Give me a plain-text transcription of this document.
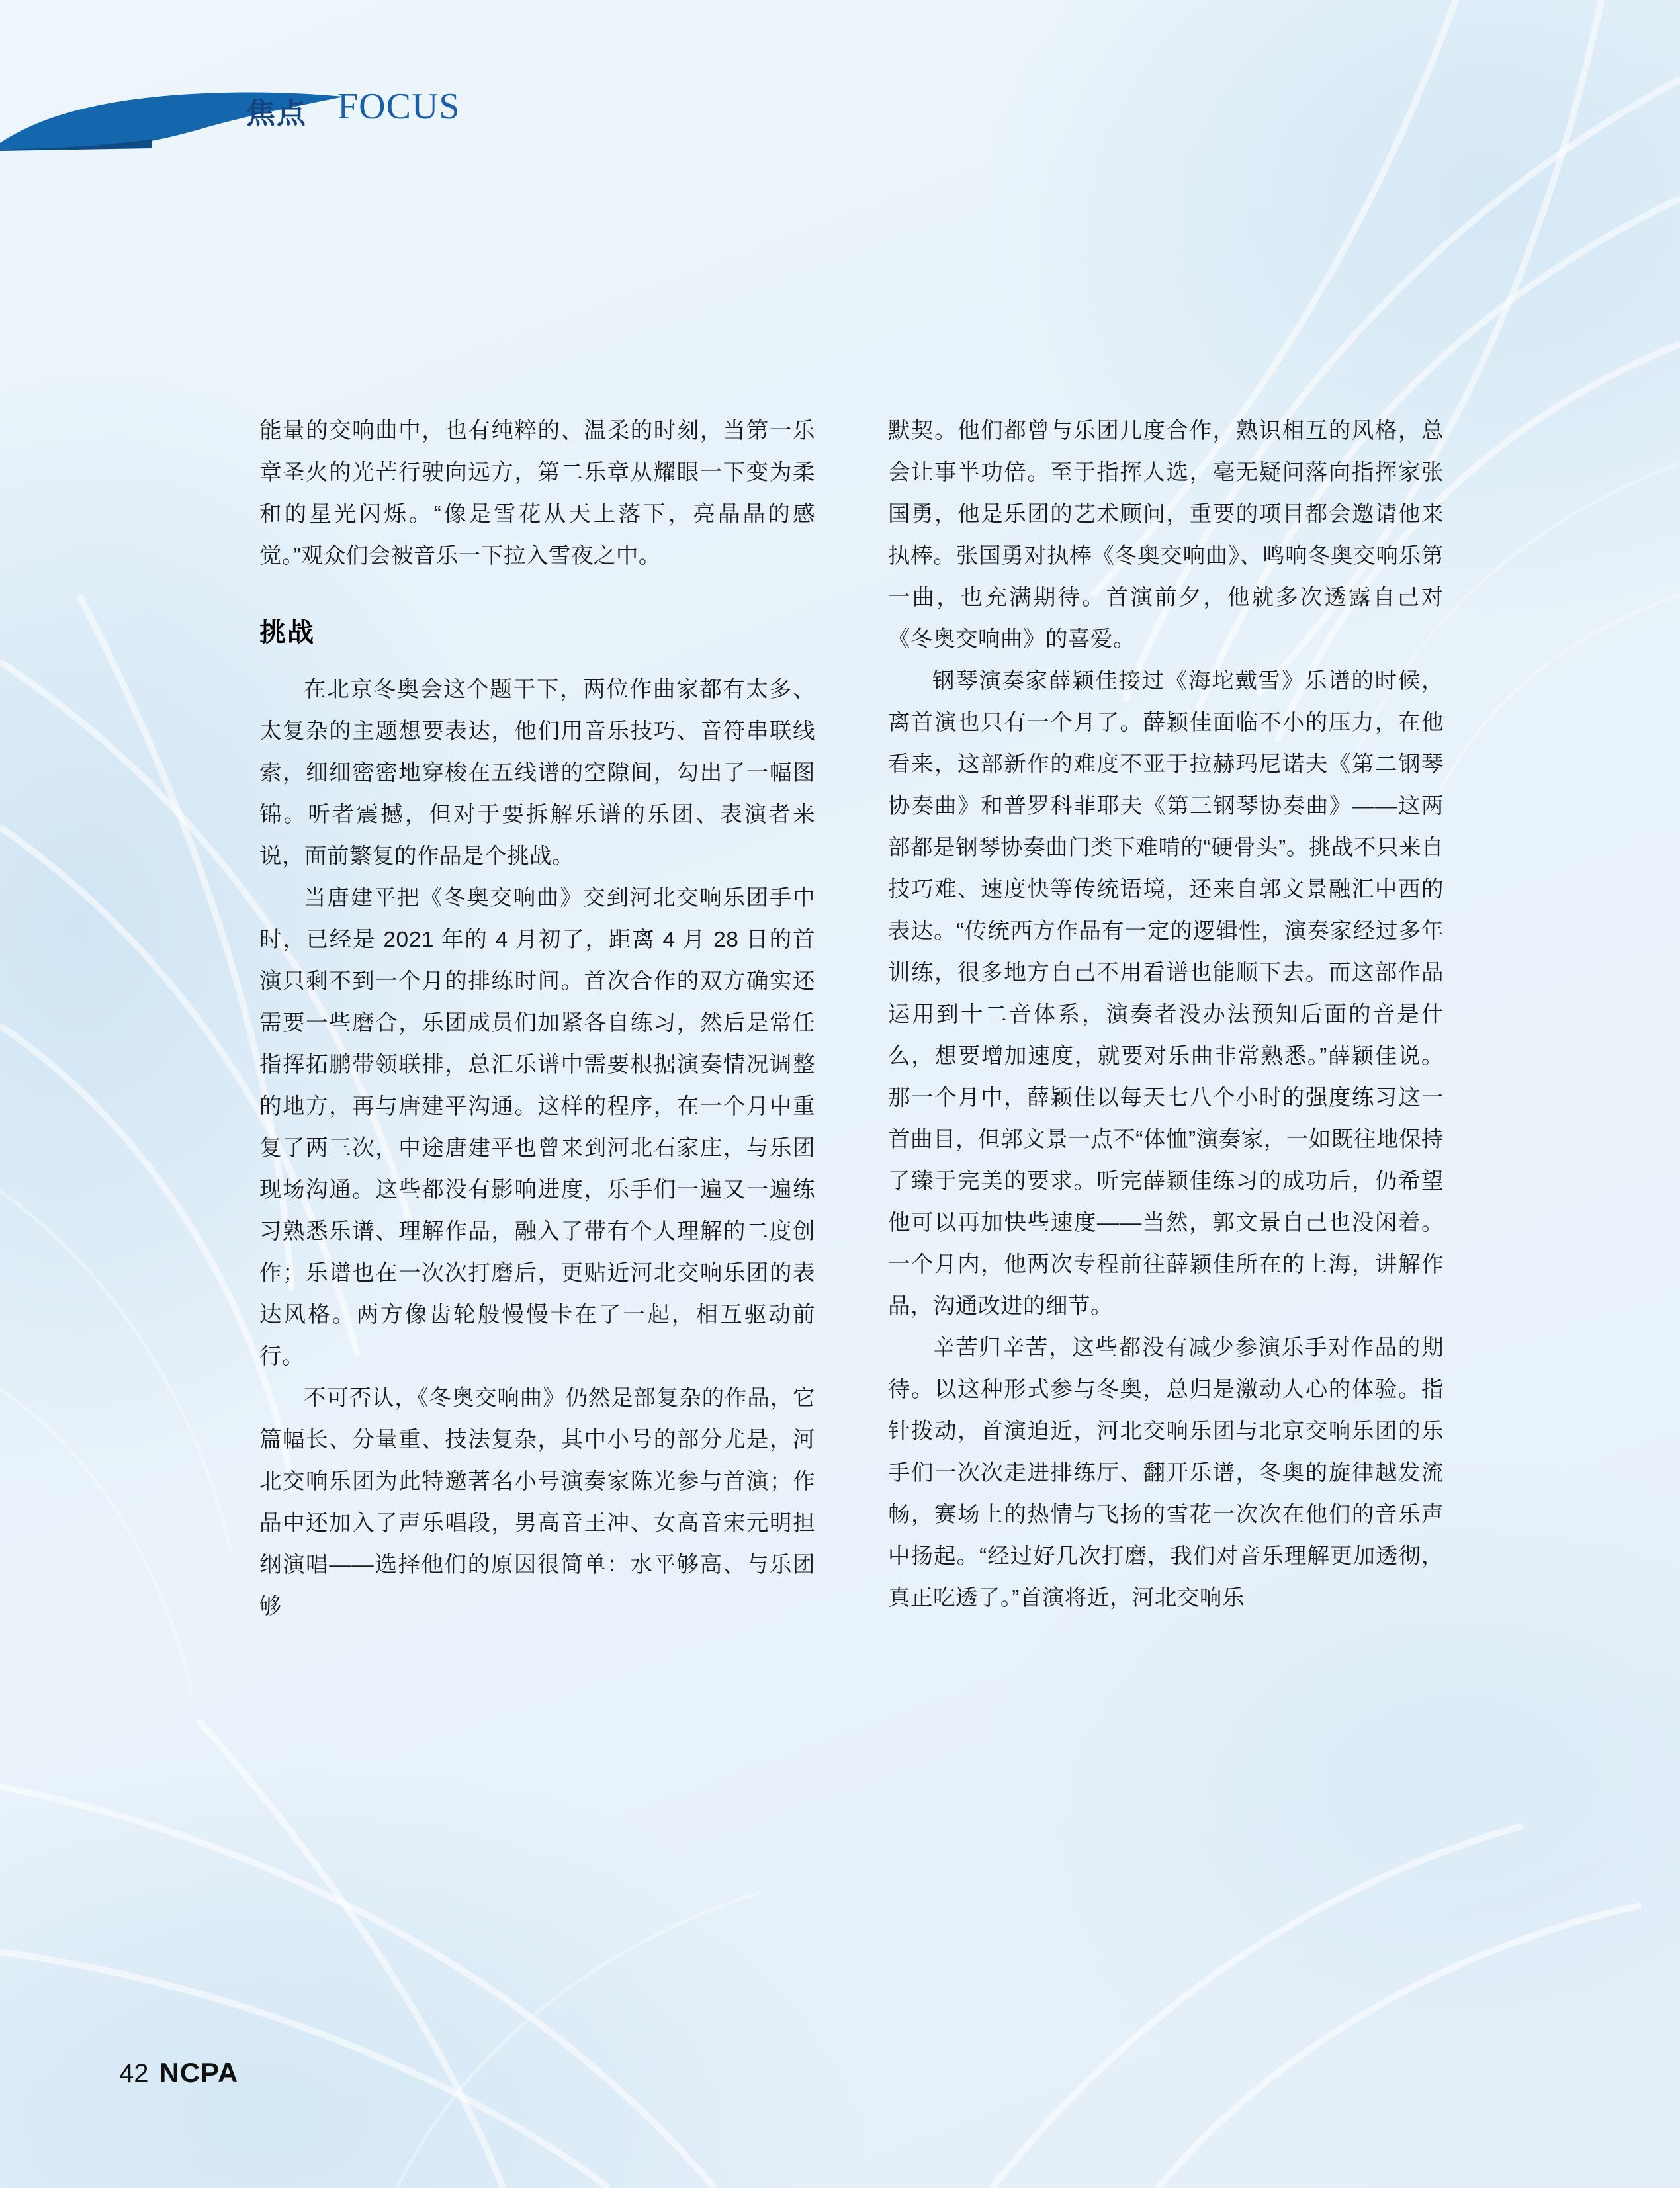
焦点 FOCUS

能量的交响曲中，也有纯粹的、温柔的时刻，当第一乐章圣火的光芒行驶向远方，第二乐章从耀眼一下变为柔和的星光闪烁。“像是雪花从天上落下，亮晶晶的感觉。”观众们会被音乐一下拉入雪夜之中。

挑战

在北京冬奥会这个题干下，两位作曲家都有太多、太复杂的主题想要表达，他们用音乐技巧、音符串联线索，细细密密地穿梭在五线谱的空隙间，勾出了一幅图锦。听者震撼，但对于要拆解乐谱的乐团、表演者来说，面前繁复的作品是个挑战。

当唐建平把《冬奥交响曲》交到河北交响乐团手中时，已经是 2021 年的 4 月初了，距离 4 月 28 日的首演只剩不到一个月的排练时间。首次合作的双方确实还需要一些磨合，乐团成员们加紧各自练习，然后是常任指挥拓鹏带领联排，总汇乐谱中需要根据演奏情况调整的地方，再与唐建平沟通。这样的程序，在一个月中重复了两三次，中途唐建平也曾来到河北石家庄，与乐团现场沟通。这些都没有影响进度，乐手们一遍又一遍练习熟悉乐谱、理解作品，融入了带有个人理解的二度创作；乐谱也在一次次打磨后，更贴近河北交响乐团的表达风格。两方像齿轮般慢慢卡在了一起，相互驱动前行。

不可否认，《冬奥交响曲》仍然是部复杂的作品，它篇幅长、分量重、技法复杂，其中小号的部分尤是，河北交响乐团为此特邀著名小号演奏家陈光参与首演；作品中还加入了声乐唱段，男高音王冲、女高音宋元明担纲演唱——选择他们的原因很简单：水平够高、与乐团够

默契。他们都曾与乐团几度合作，熟识相互的风格，总会让事半功倍。至于指挥人选，毫无疑问落向指挥家张国勇，他是乐团的艺术顾问，重要的项目都会邀请他来执棒。张国勇对执棒《冬奥交响曲》、鸣响冬奥交响乐第一曲，也充满期待。首演前夕，他就多次透露自己对《冬奥交响曲》的喜爱。

钢琴演奏家薛颖佳接过《海坨戴雪》乐谱的时候，离首演也只有一个月了。薛颖佳面临不小的压力，在他看来，这部新作的难度不亚于拉赫玛尼诺夫《第二钢琴协奏曲》和普罗科菲耶夫《第三钢琴协奏曲》——这两部都是钢琴协奏曲门类下难啃的“硬骨头”。挑战不只来自技巧难、速度快等传统语境，还来自郭文景融汇中西的表达。“传统西方作品有一定的逻辑性，演奏家经过多年训练，很多地方自己不用看谱也能顺下去。而这部作品运用到十二音体系，演奏者没办法预知后面的音是什么，想要增加速度，就要对乐曲非常熟悉。”薛颖佳说。那一个月中，薛颖佳以每天七八个小时的强度练习这一首曲目，但郭文景一点不“体恤”演奏家，一如既往地保持了臻于完美的要求。听完薛颖佳练习的成功后，仍希望他可以再加快些速度——当然，郭文景自己也没闲着。一个月内，他两次专程前往薛颖佳所在的上海，讲解作品，沟通改进的细节。

辛苦归辛苦，这些都没有减少参演乐手对作品的期待。以这种形式参与冬奥，总归是激动人心的体验。指针拨动，首演迫近，河北交响乐团与北京交响乐团的乐手们一次次走进排练厅、翻开乐谱，冬奥的旋律越发流畅，赛场上的热情与飞扬的雪花一次次在他们的音乐声中扬起。“经过好几次打磨，我们对音乐理解更加透彻，真正吃透了。”首演将近，河北交响乐

42 NCPA
